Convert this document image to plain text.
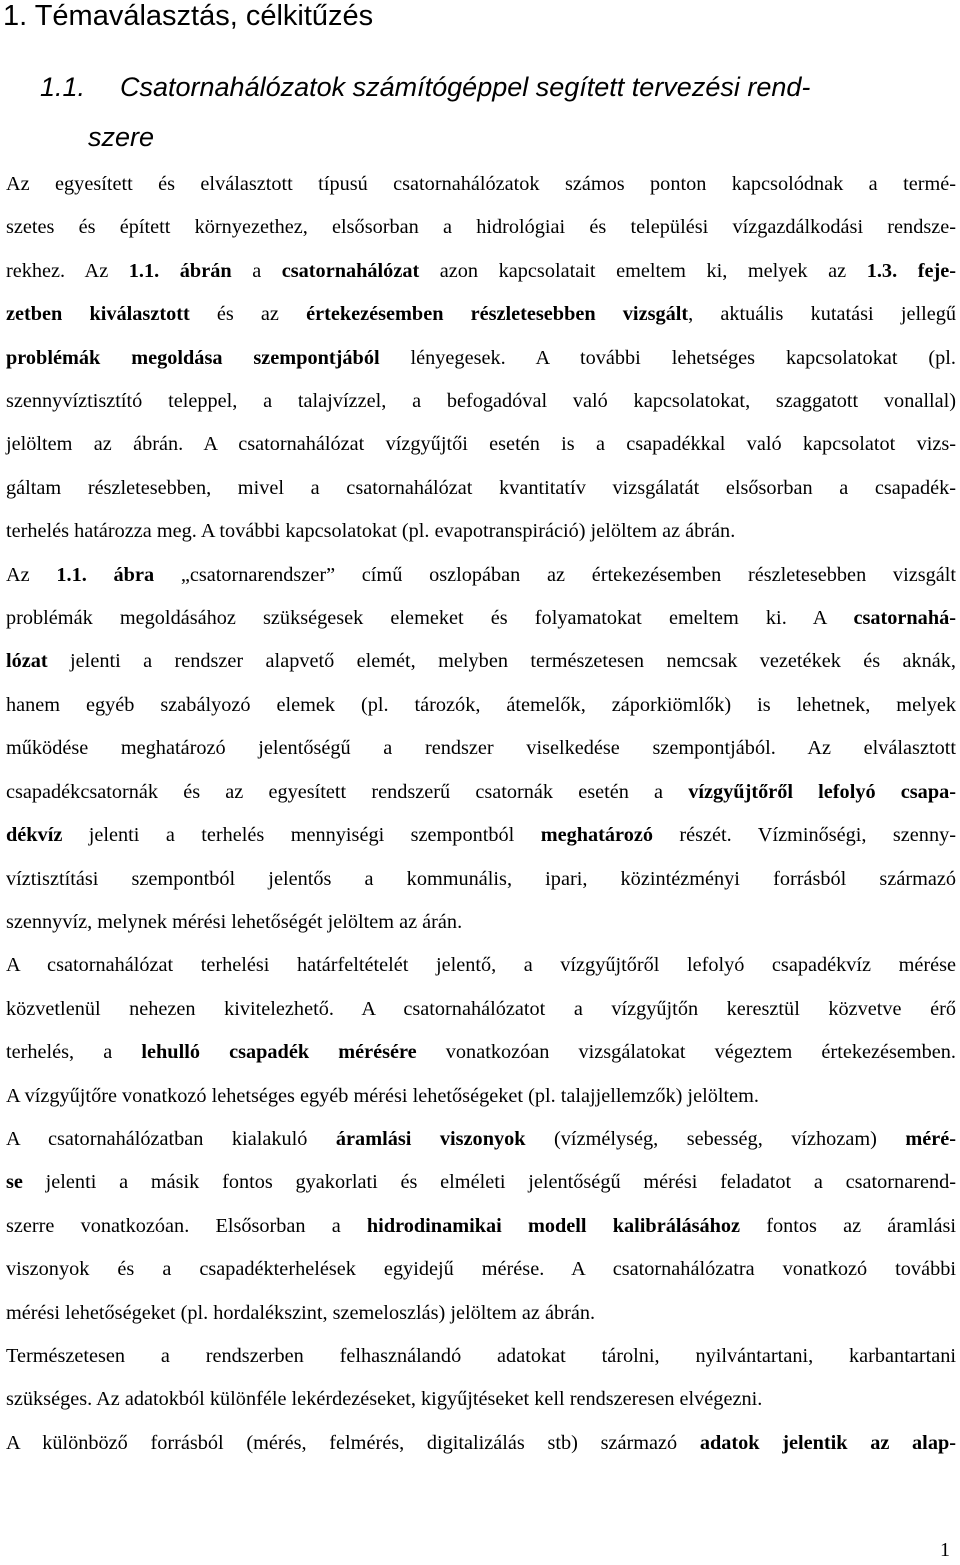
1. Témaválasztás, célkitűzés
1.1. Csatornahálózatok számítógéppel segített tervezési rend-
szere
Az egyesített és elválasztott típusú csatornahálózatok számos ponton kapcsolódnak a termé-
szetes és épített környezethez, elsősorban a hidrológiai és települési vízgazdálkodási rendsze-
rekhez. Az 1.1. ábrán a csatornahálózat azon kapcsolatait emeltem ki, melyek az 1.3. feje-
zetben kiválasztott és az értekezésemben részletesebben vizsgált, aktuális kutatási jellegű
problémák megoldása szempontjából lényegesek. A további lehetséges kapcsolatokat (pl.
szennyvíztisztító teleppel, a talajvízzel, a befogadóval való kapcsolatokat, szaggatott vonallal)
jelöltem az ábrán. A csatornahálózat vízgyűjtői esetén is a csapadékkal való kapcsolatot vizs-
gáltam részletesebben, mivel a csatornahálózat kvantitatív vizsgálatát elsősorban a csapadék-
terhelés határozza meg. A további kapcsolatokat (pl. evapotranspiráció) jelöltem az ábrán.
Az 1.1. ábra „csatornarendszer” című oszlopában az értekezésemben részletesebben vizsgált
problémák megoldásához szükségesek elemeket és folyamatokat emeltem ki. A csatornahá-
lózat jelenti a rendszer alapvető elemét, melyben természetesen nemcsak vezetékek és aknák,
hanem egyéb szabályozó elemek (pl. tározók, átemelők, záporkiömlők) is lehetnek, melyek
működése meghatározó jelentőségű a rendszer viselkedése szempontjából. Az elválasztott
csapadékcsatornák és az egyesített rendszerű csatornák esetén a vízgyűjtőről lefolyó csapa-
dékvíz jelenti a terhelés mennyiségi szempontból meghatározó részét. Vízminőségi, szenny-
víztisztítási szempontból jelentős a kommunális, ipari, közintézményi forrásból származó
szennyvíz, melynek mérési lehetőségét jelöltem az árán.
A csatornahálózat terhelési határfeltételét jelentő, a vízgyűjtőről lefolyó csapadékvíz mérése
közvetlenül nehezen kivitelezhető. A csatornahálózatot a vízgyűjtőn keresztül közvetve érő
terhelés, a lehulló csapadék mérésére vonatkozóan vizsgálatokat végeztem értekezésemben.
A vízgyűjtőre vonatkozó lehetséges egyéb mérési lehetőségeket (pl. talajjellemzők) jelöltem.
A csatornahálózatban kialakuló áramlási viszonyok (vízmélység, sebesség, vízhozam) méré-
se jelenti a másik fontos gyakorlati és elméleti jelentőségű mérési feladatot a csatornarend-
szerre vonatkozóan. Elsősorban a hidrodinamikai modell kalibrálásához fontos az áramlási
viszonyok és a csapadékterhelések egyidejű mérése. A csatornahálózatra vonatkozó további
mérési lehetőségeket (pl. hordalékszint, szemeloszlás) jelöltem az ábrán.
Természetesen a rendszerben felhasználandó adatokat tárolni, nyilvántartani, karbantartani
szükséges. Az adatokból különféle lekérdezéseket, kigyűjtéseket kell rendszeresen elvégezni.
A különböző forrásból (mérés, felmérés, digitalizálás stb) származó adatok jelentik az alap-
1
